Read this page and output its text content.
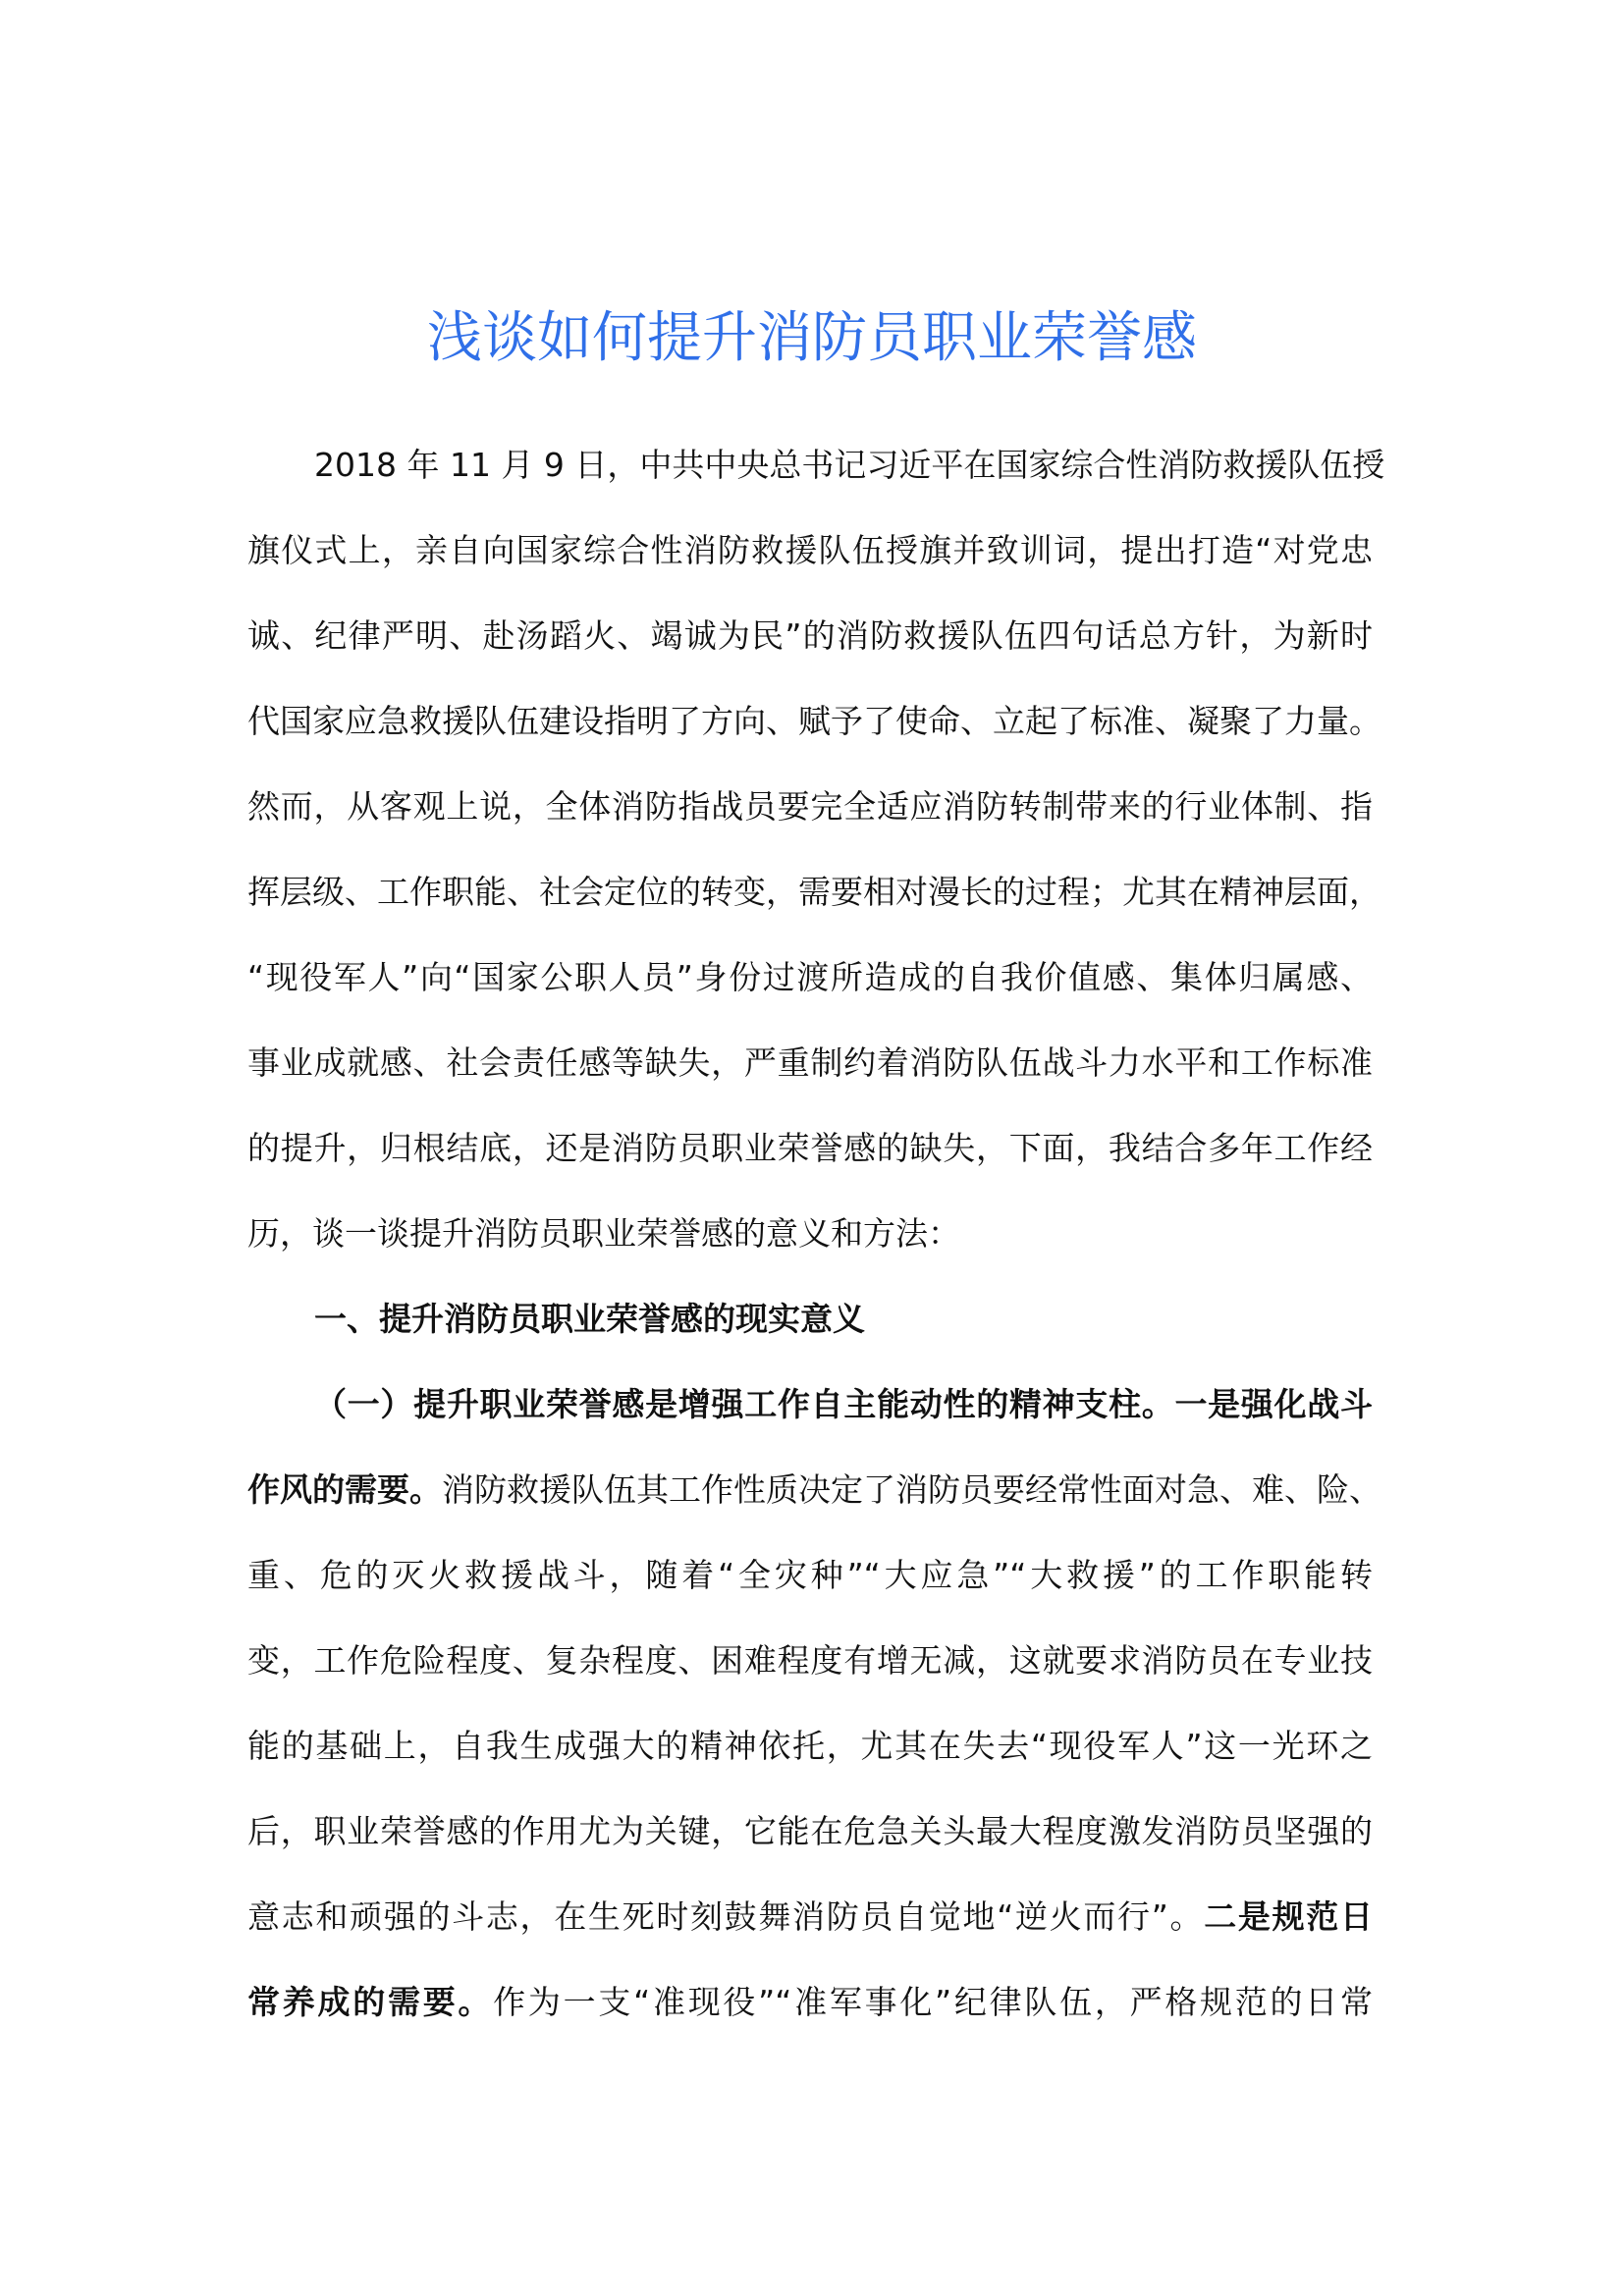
浅谈如何提升消防员职业荣誉感
2018 年 11 月 9 日，中共中央总书记习近平在国家综合性消防救援队伍授
旗仪式上，亲自向国家综合性消防救援队伍授旗并致训词，提出打造“对党忠
诚、纪律严明、赴汤蹈火、竭诚为民”的消防救援队伍四句话总方针，为新时
代国家应急救援队伍建设指明了方向、赋予了使命、立起了标准、凝聚了力量。
然而，从客观上说，全体消防指战员要完全适应消防转制带来的行业体制、指
挥层级、工作职能、社会定位的转变，需要相对漫长的过程；尤其在精神层面，
“现役军人”向“国家公职人员”身份过渡所造成的自我价值感、集体归属感、
事业成就感、社会责任感等缺失，严重制约着消防队伍战斗力水平和工作标准
的提升，归根结底，还是消防员职业荣誉感的缺失，下面，我结合多年工作经
历，谈一谈提升消防员职业荣誉感的意义和方法：
一、提升消防员职业荣誉感的现实意义
（一）提升职业荣誉感是增强工作自主能动性的精神支柱。一是强化战斗
作风的需要。消防救援队伍其工作性质决定了消防员要经常性面对急、难、险、
重、危的灭火救援战斗，随着“全灾种”“大应急”“大救援”的工作职能转
变，工作危险程度、复杂程度、困难程度有增无减，这就要求消防员在专业技
能的基础上，自我生成强大的精神依托，尤其在失去“现役军人”这一光环之
后，职业荣誉感的作用尤为关键，它能在危急关头最大程度激发消防员坚强的
意志和顽强的斗志，在生死时刻鼓舞消防员自觉地“逆火而行”。二是规范日
常养成的需要。作为一支“准现役”“准军事化”纪律队伍，严格规范的日常
